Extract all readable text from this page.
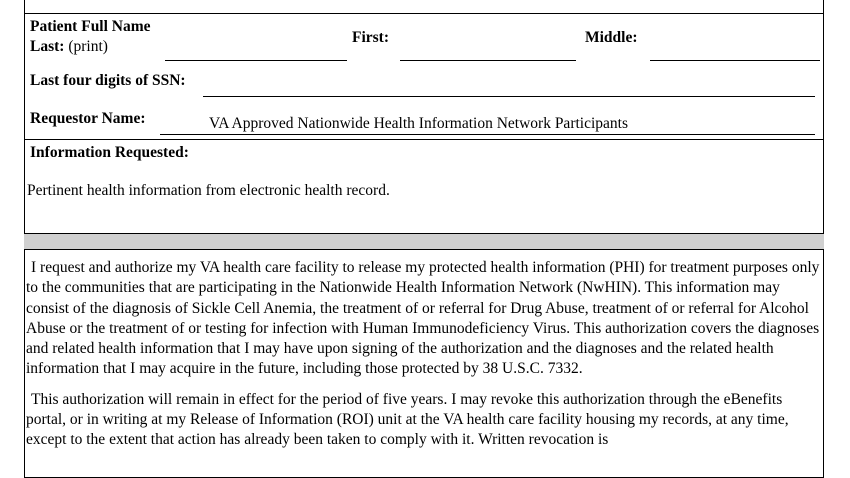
Patient Full Name
Last: (print)
First:	Middle:
Last four digits of SSN:
Requestor Name:	VA Approved Nationwide Health Information Network Participants
Information Requested:
Pertinent health information from electronic health record.

I request and authorize my VA health care facility to release my protected health information (PHI) for treatment purposes only to the communities that are participating in the Nationwide Health Information Network (NwHIN). This information may consist of the diagnosis of Sickle Cell Anemia, the treatment of or referral for Drug Abuse, treatment of or referral for Alcohol Abuse or the treatment of or testing for infection with Human Immunodeficiency Virus. This authorization covers the diagnoses and related health information that I may have upon signing of the authorization and the diagnoses and the related health information that I may acquire in the future, including those protected by 38 U.S.C. 7332.

This authorization will remain in effect for the period of five years. I may revoke this authorization through the eBenefits portal, or in writing at my Release of Information (ROI) unit at the VA health care facility housing my records, at any time, except to the extent that action has already been taken to comply with it. Written revocation is
